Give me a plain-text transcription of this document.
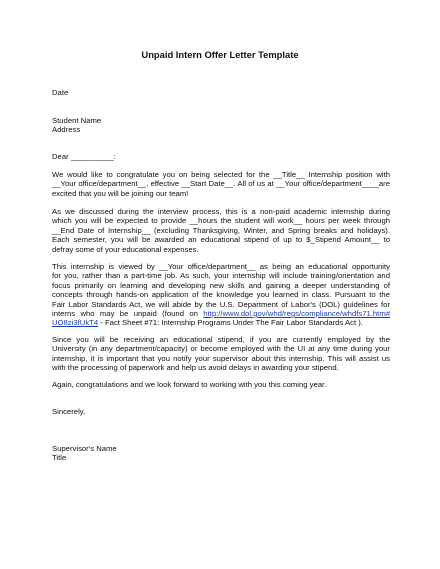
Unpaid Intern Offer Letter Template
Date
Student Name
Address
Dear __________:
We would like to congratulate you on being selected for the __Title__ Internship position with
__Your office/department__, effective __Start Date__. All of us at __Your office/department____are
excited that you will be joining our team!
As we discussed during the interview process, this is a non-paid academic internship during
which you will be expected to provide __hours the student will work__ hours per week through
__End Date of Internship__ (excluding Thanksgiving, Winter, and Spring breaks and holidays).
Each semester, you will be awarded an educational stipend of up to $_Stipend Amount__ to
defray some of your educational expenses.
This internship is viewed by __Your office/department__ as being an educational opportunity
for you, rather than a part-time job. As such, your internship will include training/orientation and
focus primarily on learning and developing new skills and gaining a deeper understanding of
concepts through hands-on application of the knowledge you learned in class. Pursuant to the
Fair Labor Standards Act, we will abide by the U.S. Department of Labor's (DOL) guidelines for
interns who may be unpaid (found on http://www.dol.gov/whd/regs/compliance/whdfs71.htm#
UO8zi3fUkT4 - Fact Sheet #71: Internship Programs Under The Fair Labor Standards Act ).
Since you will be receiving an educational stipend, if you are currently employed by the
University (in any department/capacity) or become employed with the UI at any time during your
internship, it is important that you notify your supervisor about this internship. This will assist us
with the processing of paperwork and help us avoid delays in awarding your stipend.
Again, congratulations and we look forward to working with you this coming year.
Sincerely,
Supervisor's Name
Title
